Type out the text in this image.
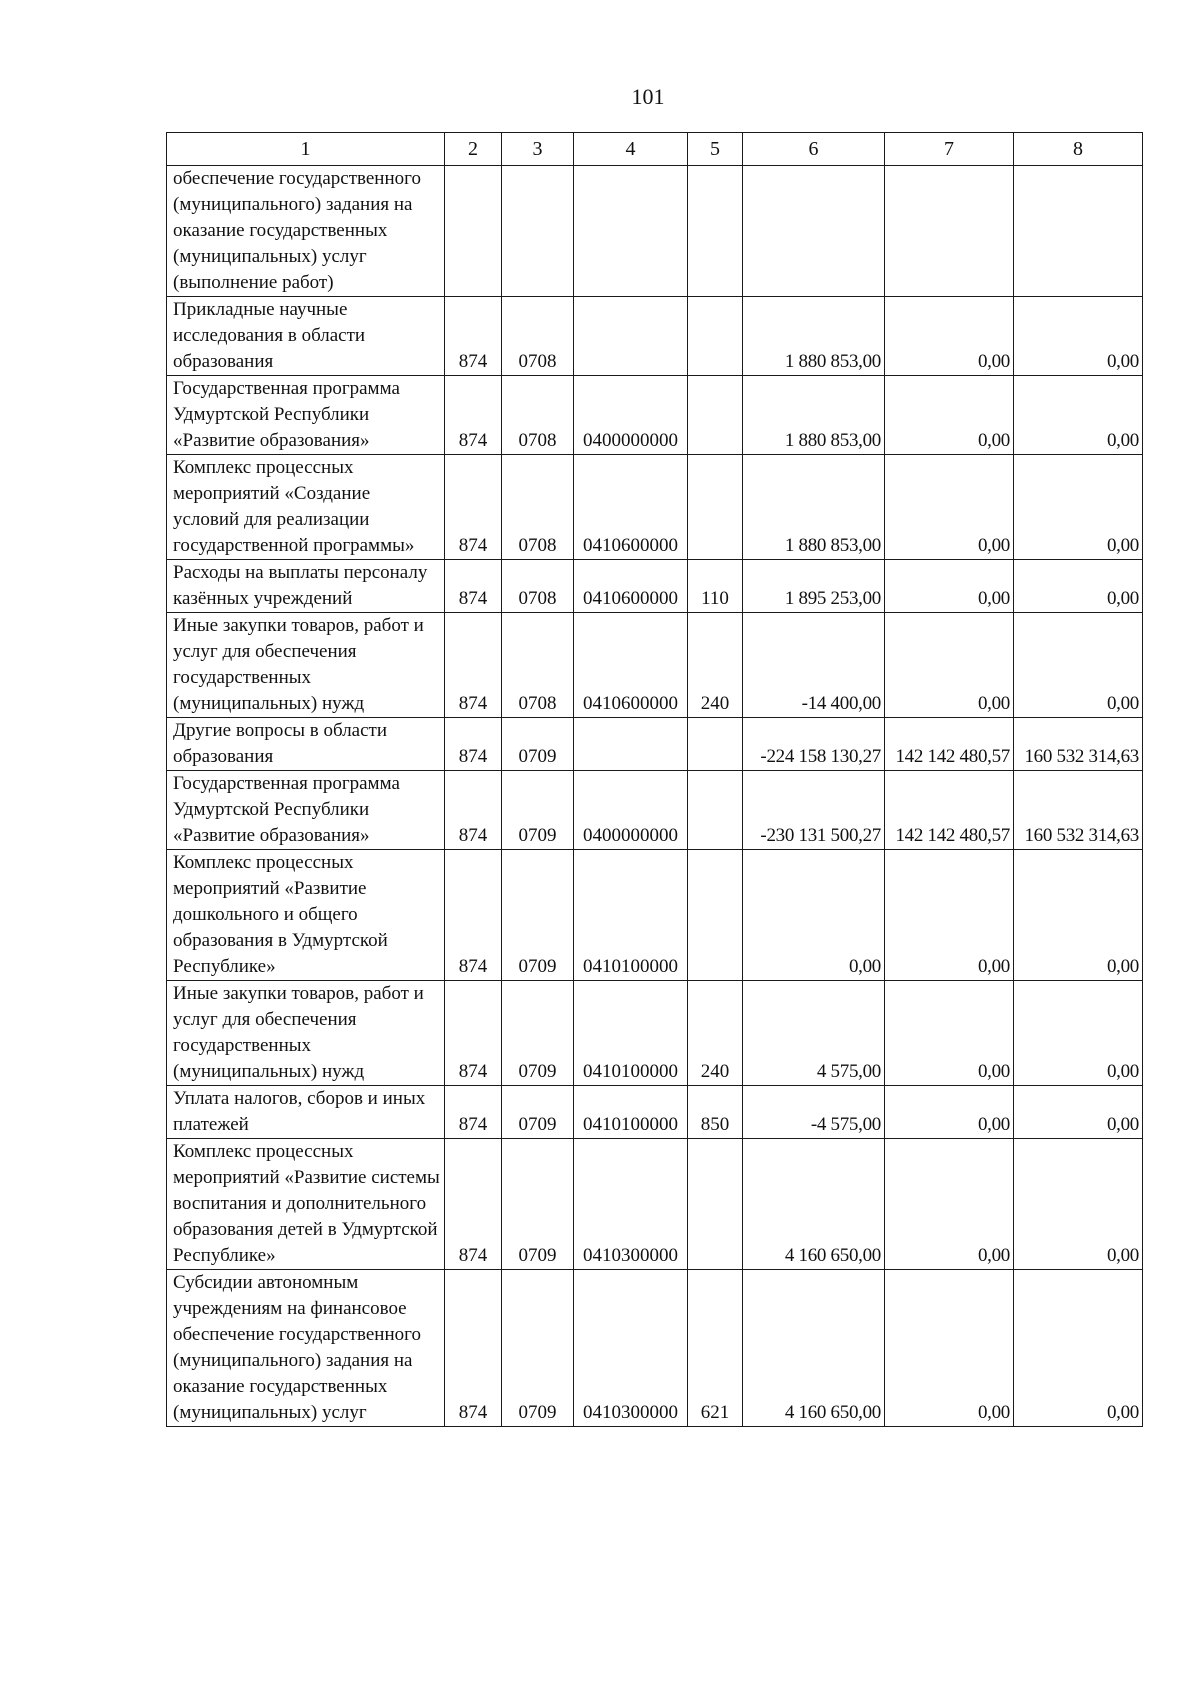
101
1	2	3	4	5	6	7	8
обеспечение государственного (муниципального) задания на оказание государственных (муниципальных) услуг (выполнение работ)							
Прикладные научные исследования в области образования	874	0708			1 880 853,00	0,00	0,00
Государственная программа Удмуртской Республики «Развитие образования»	874	0708	0400000000		1 880 853,00	0,00	0,00
Комплекс процессных мероприятий «Создание условий для реализации государственной программы»	874	0708	0410600000		1 880 853,00	0,00	0,00
Расходы на выплаты персоналу казённых учреждений	874	0708	0410600000	110	1 895 253,00	0,00	0,00
Иные закупки товаров, работ и услуг для обеспечения государственных (муниципальных) нужд	874	0708	0410600000	240	-14 400,00	0,00	0,00
Другие вопросы в области образования	874	0709			-224 158 130,27	142 142 480,57	160 532 314,63
Государственная программа Удмуртской Республики «Развитие образования»	874	0709	0400000000		-230 131 500,27	142 142 480,57	160 532 314,63
Комплекс процессных мероприятий «Развитие дошкольного и общего образования в Удмуртской Республике»	874	0709	0410100000		0,00	0,00	0,00
Иные закупки товаров, работ и услуг для обеспечения государственных (муниципальных) нужд	874	0709	0410100000	240	4 575,00	0,00	0,00
Уплата налогов, сборов и иных платежей	874	0709	0410100000	850	-4 575,00	0,00	0,00
Комплекс процессных мероприятий «Развитие системы воспитания и дополнительного образования детей в Удмуртской Республике»	874	0709	0410300000		4 160 650,00	0,00	0,00
Субсидии автономным учреждениям на финансовое обеспечение государственного (муниципального) задания на оказание государственных (муниципальных) услуг	874	0709	0410300000	621	4 160 650,00	0,00	0,00
